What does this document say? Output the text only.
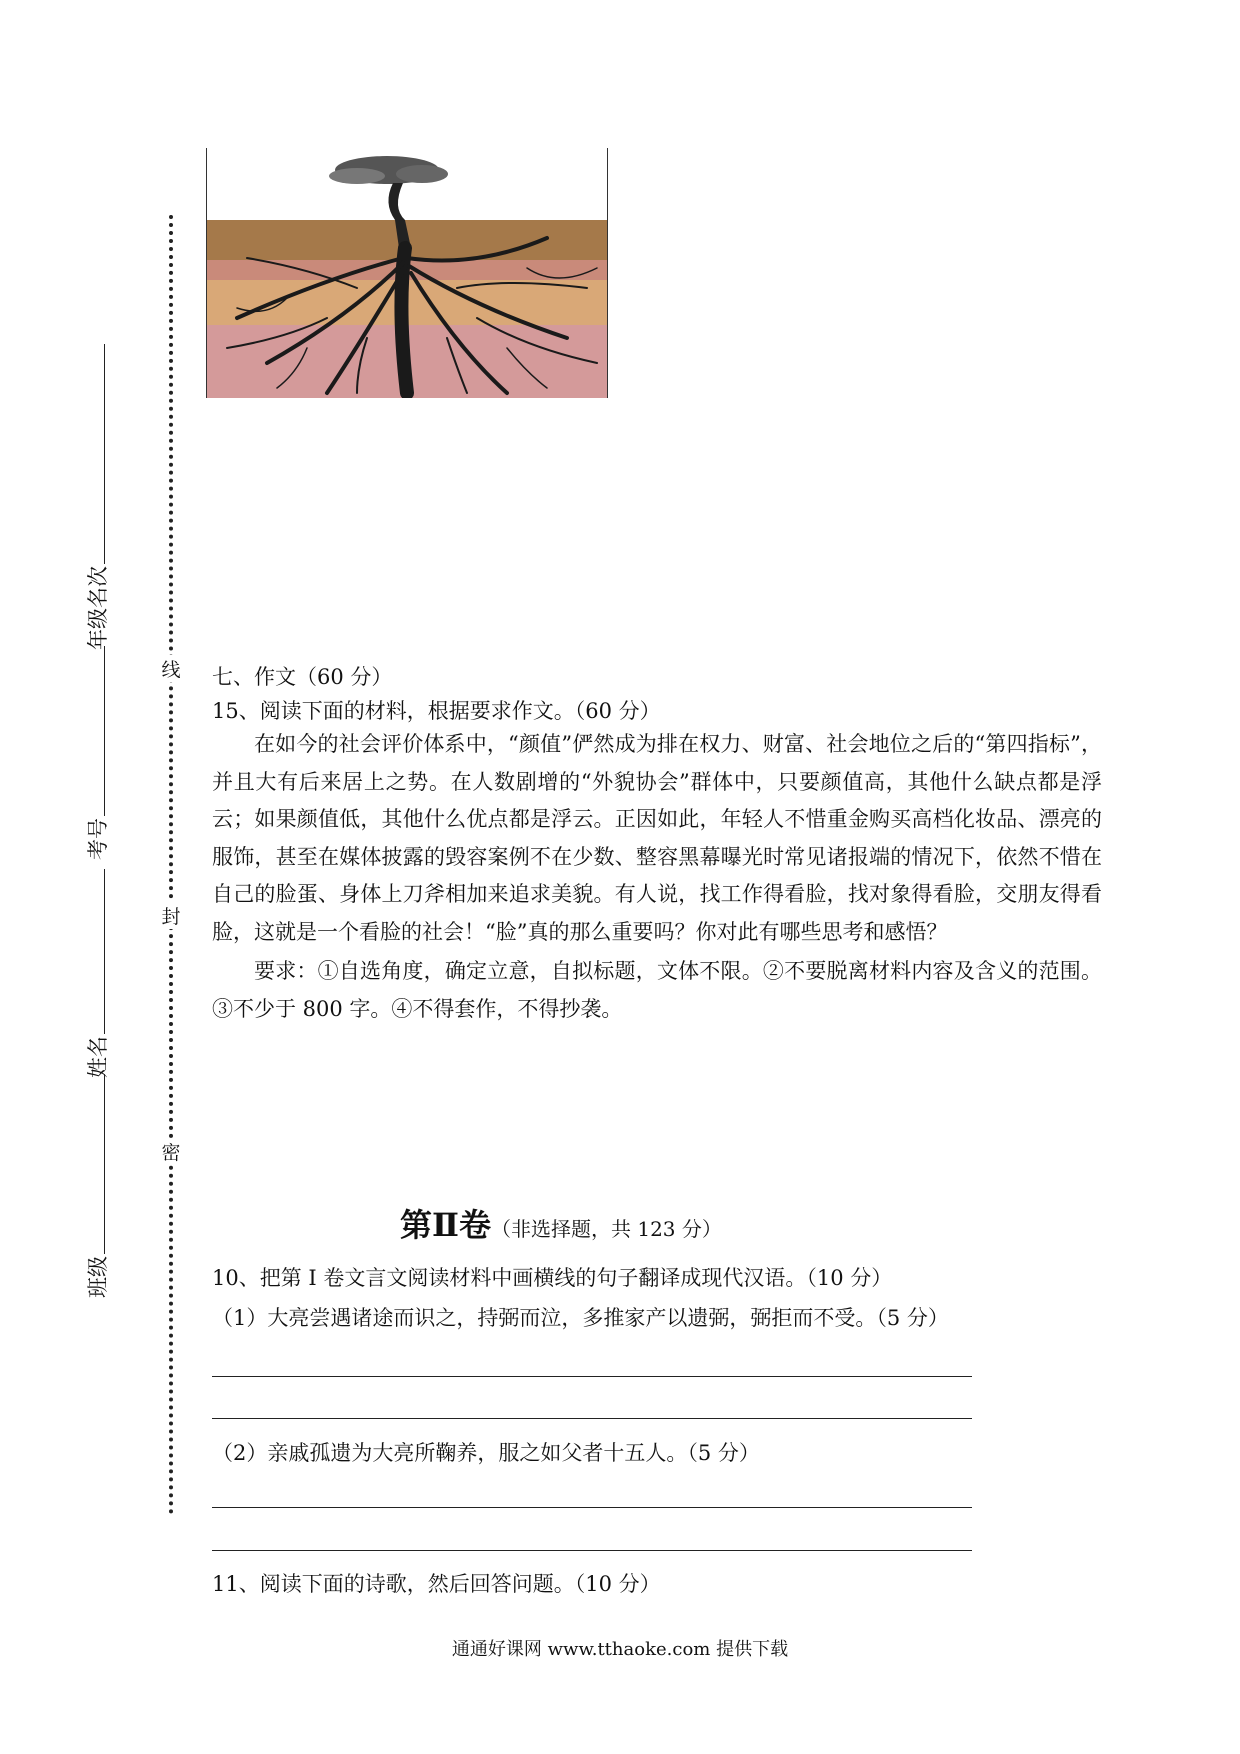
线
封
密
年级名次
考号
姓名
班级
七、作文（60 分）
15、阅读下面的材料，根据要求作文。（60 分）
在如今的社会评价体系中，“颜值”俨然成为排在权力、财富、社会地位之后的“第四指标”，并且大有后来居上之势。在人数剧增的“外貌协会”群体中，只要颜值高，其他什么缺点都是浮云；如果颜值低，其他什么优点都是浮云。正因如此，年轻人不惜重金购买高档化妆品、漂亮的服饰，甚至在媒体披露的毁容案例不在少数、整容黑幕曝光时常见诸报端的情况下，依然不惜在自己的脸蛋、身体上刀斧相加来追求美貌。有人说，找工作得看脸，找对象得看脸，交朋友得看脸，这就是一个看脸的社会！“脸”真的那么重要吗？你对此有哪些思考和感悟？
要求：①自选角度，确定立意，自拟标题，文体不限。②不要脱离材料内容及含义的范围。③不少于 800 字。④不得套作，不得抄袭。
第Ⅱ卷（非选择题，共 123 分）
10、把第 I 卷文言文阅读材料中画横线的句子翻译成现代汉语。（10 分）
（1）大亮尝遇诸途而识之，持弼而泣，多推家产以遗弼，弼拒而不受。（5 分）
（2）亲戚孤遗为大亮所鞠养，服之如父者十五人。（5 分）
11、阅读下面的诗歌，然后回答问题。（10 分）
通通好课网 www.tthaoke.com 提供下载
